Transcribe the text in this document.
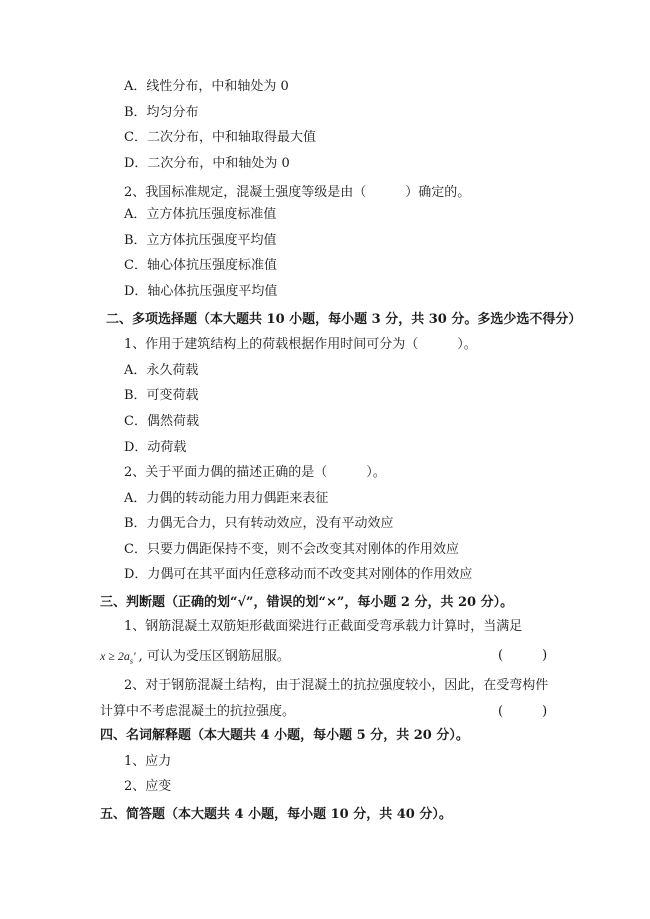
A．线性分布，中和轴处为 0
B．均匀分布
C．二次分布，中和轴取得最大值
D．二次分布，中和轴处为 0
2、我国标准规定，混凝土强度等级是由（　　　）确定的。
A．立方体抗压强度标准值
B．立方体抗压强度平均值
C．轴心体抗压强度标准值
D．轴心体抗压强度平均值
二、多项选择题（本大题共 10 小题，每小题 3 分，共 30 分。多选少选不得分）
1、作用于建筑结构上的荷载根据作用时间可分为（　　　）。
A．永久荷载
B．可变荷载
C．偶然荷载
D．动荷载
2、关于平面力偶的描述正确的是（　　　）。
A．力偶的转动能力用力偶距来表征
B．力偶无合力，只有转动效应，没有平动效应
C．只要力偶距保持不变，则不会改变其对刚体的作用效应
D．力偶可在其平面内任意移动而不改变其对刚体的作用效应
三、判断题（正确的划“√”，错误的划“×”，每小题 2 分，共 20 分）。
1、钢筋混凝土双筋矩形截面梁进行正截面受弯承载力计算时，当满足
$x \ge 2a_s'$ , 可认为受压区钢筋屈服。	(　　　)
2、对于钢筋混凝土结构，由于混凝土的抗拉强度较小，因此，在受弯构件
计算中不考虑混凝土的抗拉强度。	(　　　)
四、名词解释题（本大题共 4 小题，每小题 5 分，共 20 分）。
1、应力
2、应变
五、简答题（本大题共 4 小题，每小题 10 分，共 40 分）。
